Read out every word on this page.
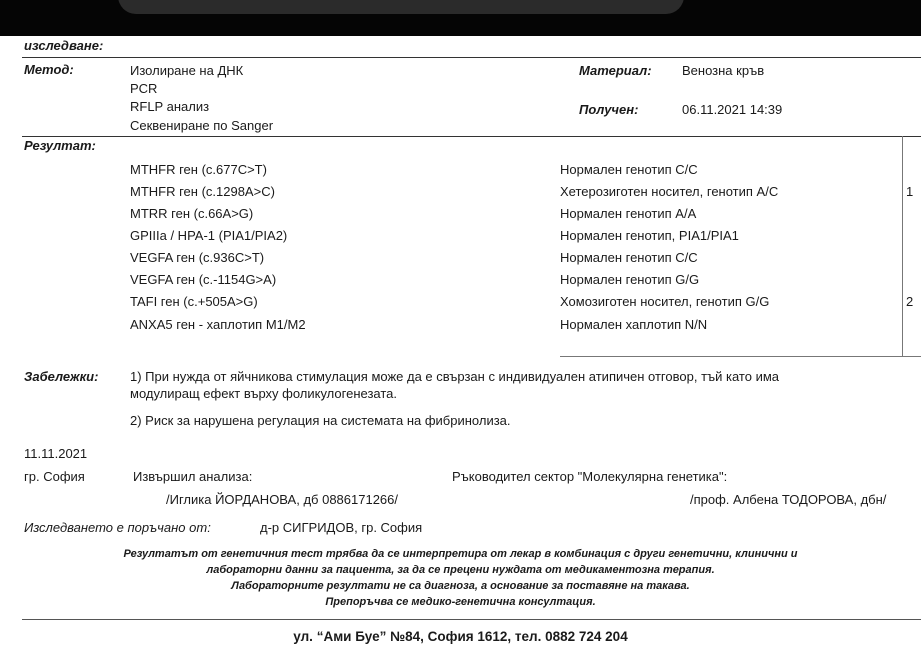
изследване:
Метод:	Изолиране на ДНК
PCR
RFLP анализ
Секвениране по Sanger
Материал: Венозна кръв
Получен:	06.11.2021 14:39
Резултат:
MTHFR ген (c.677C>T)	Нормален генотип C/C
MTHFR ген (c.1298A>C)	Хетерозиготен носител, генотип A/C	1
MTRR ген (c.66A>G)	Нормален генотип A/A
GPIIIa / HPA-1 (PIA1/PIA2)	Нормален генотип, PIA1/PIA1
VEGFA ген (c.936C>T)	Нормален генотип C/C
VEGFA ген (c.-1154G>A)	Нормален генотип G/G
TAFI ген (c.+505A>G)	Хомозиготен носител, генотип G/G	2
ANXA5 ген - хаплотип M1/M2	Нормален хаплотип N/N
Забележки: 1) При нужда от яйчникова стимулация може да е свързан с индивидуален атипичен отговор, тъй като има
модулиращ ефект върху фоликулогенезата.
2) Риск за нарушена регулация на системата на фибринолиза.
11.11.2021
гр. София	Извършил анализа:	Ръководител сектор "Молекулярна генетика":
/Иглика ЙОРДАНОВА, дб 0886171266/	/проф. Албена ТОДОРОВА, дбн/
Изследването е поръчано от:	д-р СИГРИДОВ, гр. София
Резултатът от генетичния тест трябва да се интерпретира от лекар в комбинация с други генетични, клинични и
лабораторни данни за пациента, за да се прецени нуждата от медикаментозна терапия.
Лабораторните резултати не са диагноза, а основание за поставяне на такава.
Препоръчва се медико-генетична консултация.
ул. “Ами Буе” №84, София 1612, тел. 0882 724 204
